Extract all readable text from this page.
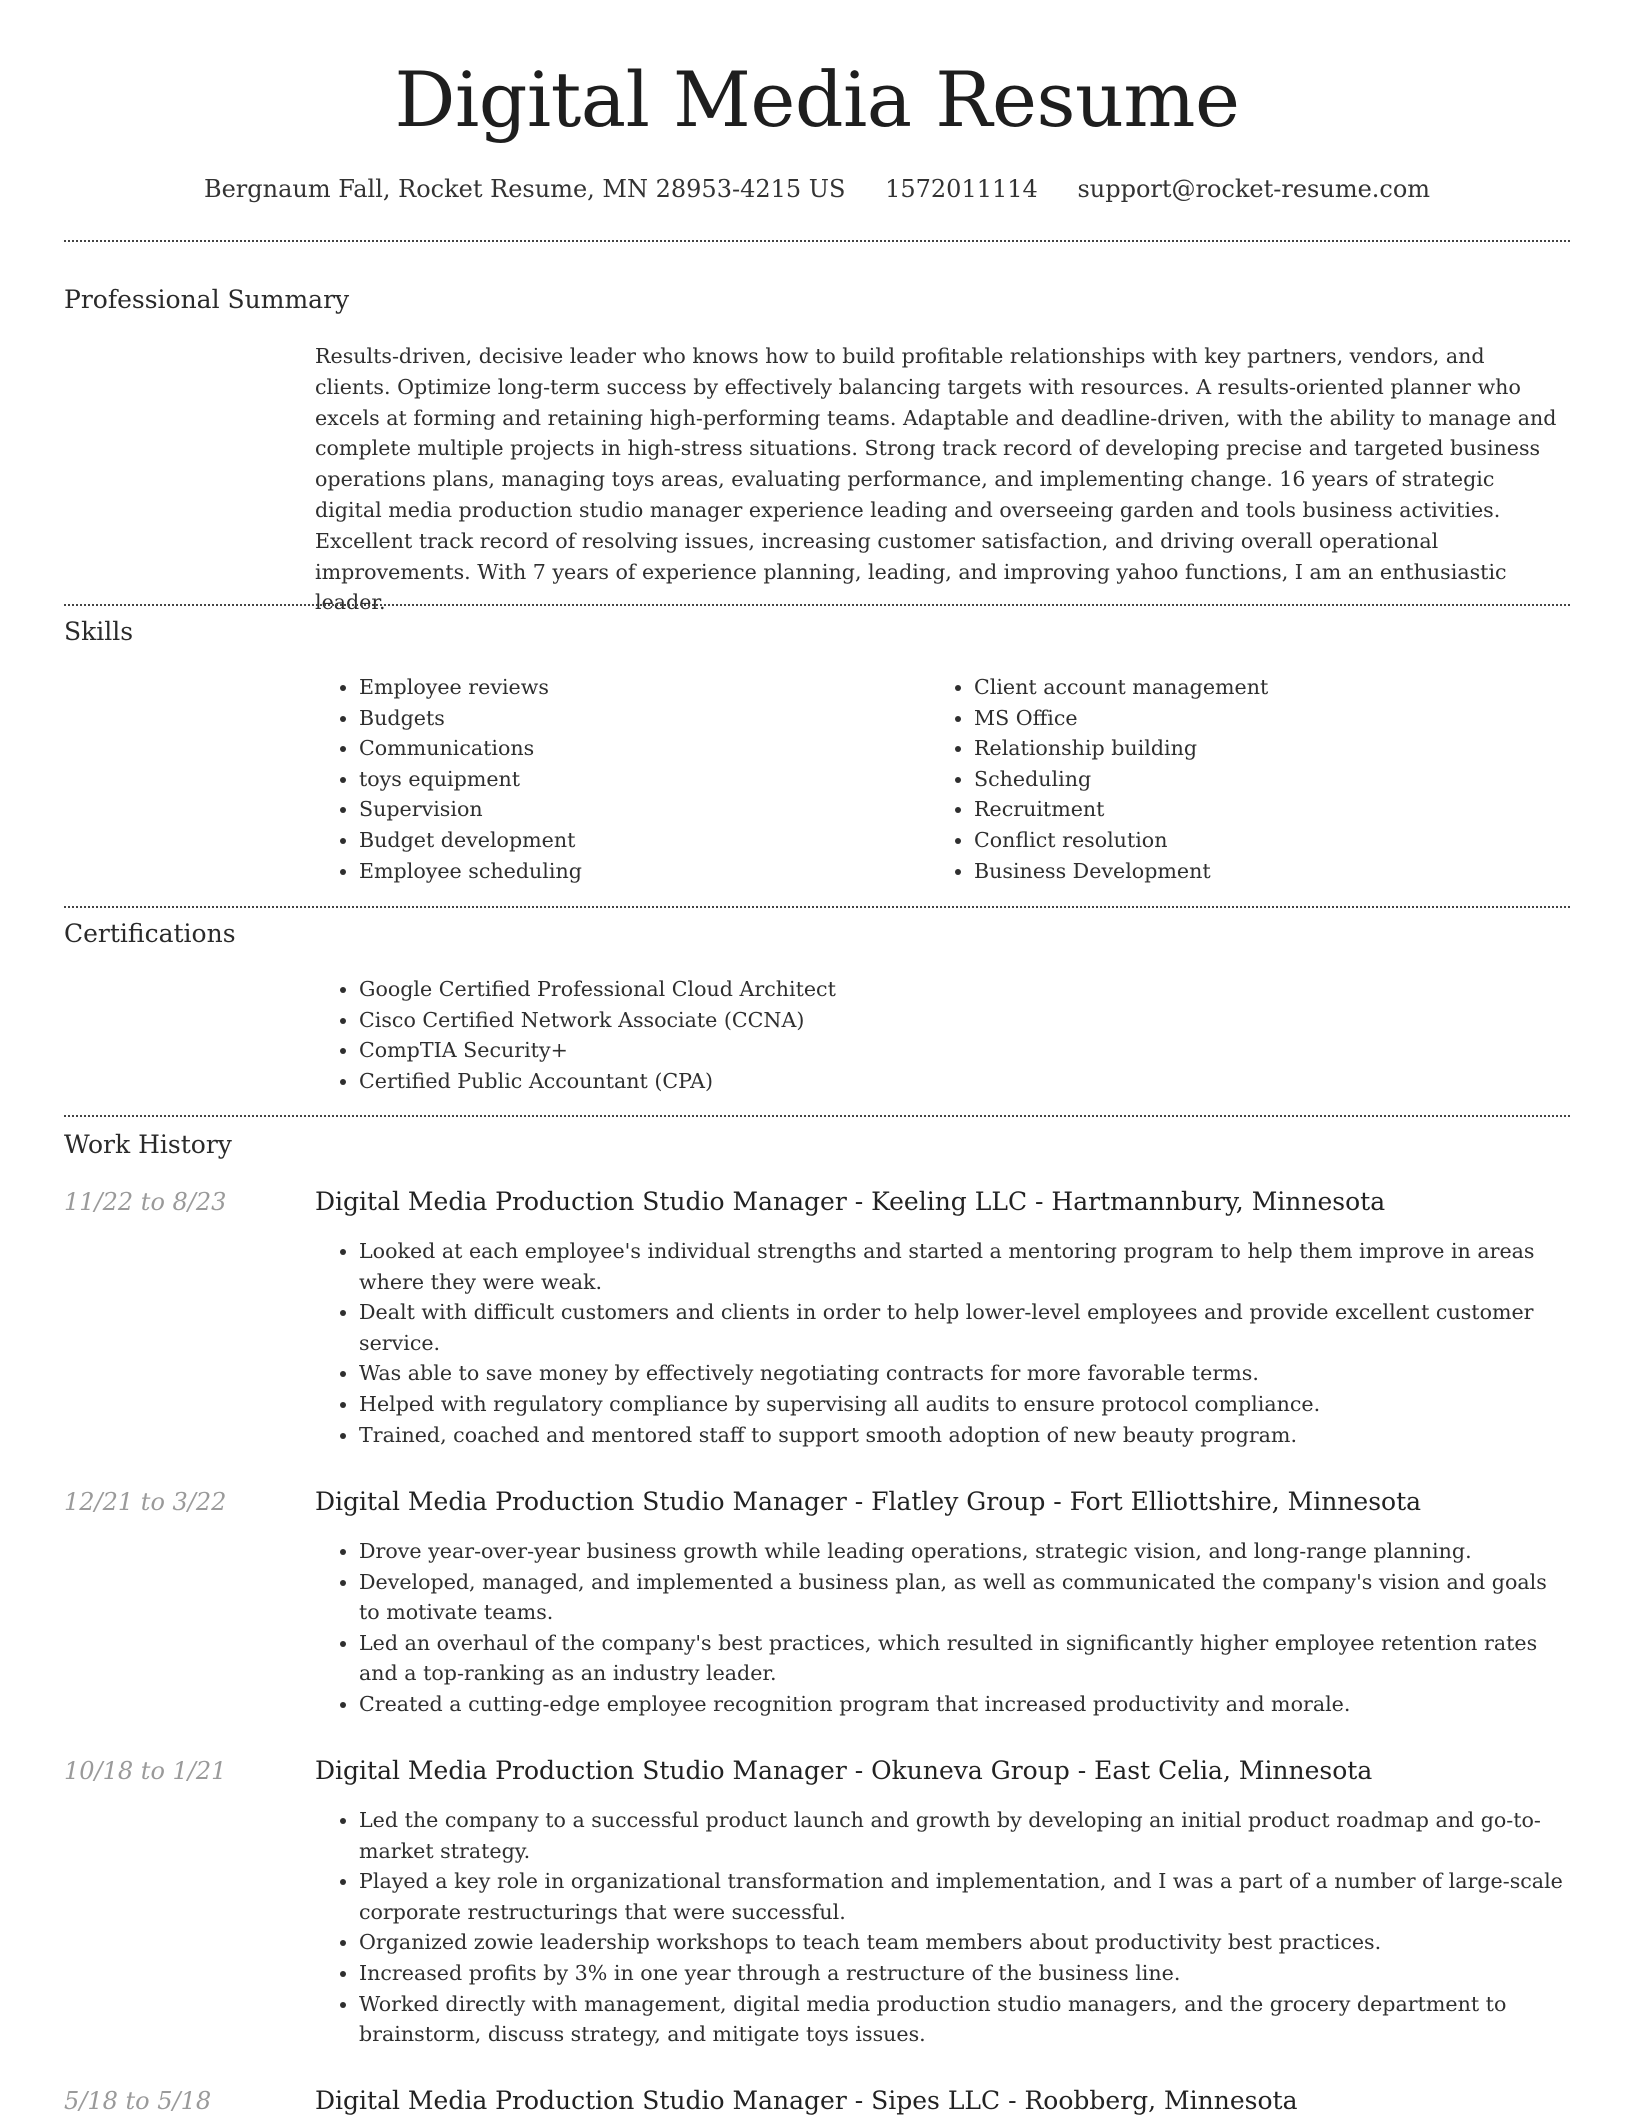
Digital Media Resume
Bergnaum Fall, Rocket Resume, MN 28953-4215 US 1572011114 support@rocket-resume.com
Professional Summary
Results-driven, decisive leader who knows how to build profitable relationships with key partners, vendors, and clients. Optimize long-term success by effectively balancing targets with resources. A results-oriented planner who excels at forming and retaining high-performing teams. Adaptable and deadline-driven, with the ability to manage and complete multiple projects in high-stress situations. Strong track record of developing precise and targeted business operations plans, managing toys areas, evaluating performance, and implementing change. 16 years of strategic digital media production studio manager experience leading and overseeing garden and tools business activities. Excellent track record of resolving issues, increasing customer satisfaction, and driving overall operational improvements. With 7 years of experience planning, leading, and improving yahoo functions, I am an enthusiastic leader.
Skills
• Employee reviews
• Budgets
• Communications
• toys equipment
• Supervision
• Budget development
• Employee scheduling
• Client account management
• MS Office
• Relationship building
• Scheduling
• Recruitment
• Conflict resolution
• Business Development
Certifications
• Google Certified Professional Cloud Architect
• Cisco Certified Network Associate (CCNA)
• CompTIA Security+
• Certified Public Accountant (CPA)
Work History
11/22 to 8/23	Digital Media Production Studio Manager - Keeling LLC - Hartmannbury, Minnesota
• Looked at each employee's individual strengths and started a mentoring program to help them improve in areas where they were weak.
• Dealt with difficult customers and clients in order to help lower-level employees and provide excellent customer service.
• Was able to save money by effectively negotiating contracts for more favorable terms.
• Helped with regulatory compliance by supervising all audits to ensure protocol compliance.
• Trained, coached and mentored staff to support smooth adoption of new beauty program.
12/21 to 3/22	Digital Media Production Studio Manager - Flatley Group - Fort Elliottshire, Minnesota
• Drove year-over-year business growth while leading operations, strategic vision, and long-range planning.
• Developed, managed, and implemented a business plan, as well as communicated the company's vision and goals to motivate teams.
• Led an overhaul of the company's best practices, which resulted in significantly higher employee retention rates and a top-ranking as an industry leader.
• Created a cutting-edge employee recognition program that increased productivity and morale.
10/18 to 1/21	Digital Media Production Studio Manager - Okuneva Group - East Celia, Minnesota
• Led the company to a successful product launch and growth by developing an initial product roadmap and go-to-market strategy.
• Played a key role in organizational transformation and implementation, and I was a part of a number of large-scale corporate restructurings that were successful.
• Organized zowie leadership workshops to teach team members about productivity best practices.
• Increased profits by 3% in one year through a restructure of the business line.
• Worked directly with management, digital media production studio managers, and the grocery department to brainstorm, discuss strategy, and mitigate toys issues.
5/18 to 5/18	Digital Media Production Studio Manager - Sipes LLC - Roobberg, Minnesota
